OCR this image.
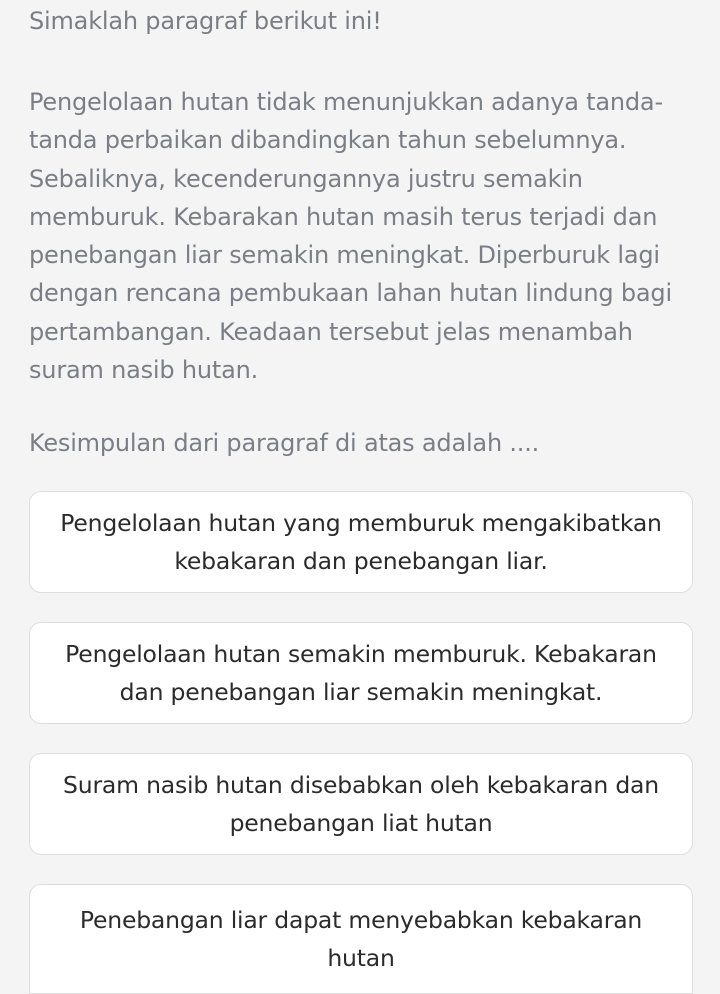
Simaklah paragraf berikut ini!

Pengelolaan hutan tidak menunjukkan adanya tanda-tanda perbaikan dibandingkan tahun sebelumnya. Sebaliknya, kecenderungannya justru semakin memburuk. Kebarakan hutan masih terus terjadi dan penebangan liar semakin meningkat. Diperburuk lagi dengan rencana pembukaan lahan hutan lindung bagi pertambangan. Keadaan tersebut jelas menambah suram nasib hutan.

Kesimpulan dari paragraf di atas adalah ....

Pengelolaan hutan yang memburuk mengakibatkan kebakaran dan penebangan liar.
Pengelolaan hutan semakin memburuk. Kebakaran dan penebangan liar semakin meningkat.
Suram nasib hutan disebabkan oleh kebakaran dan penebangan liat hutan
Penebangan liar dapat menyebabkan kebakaran hutan
